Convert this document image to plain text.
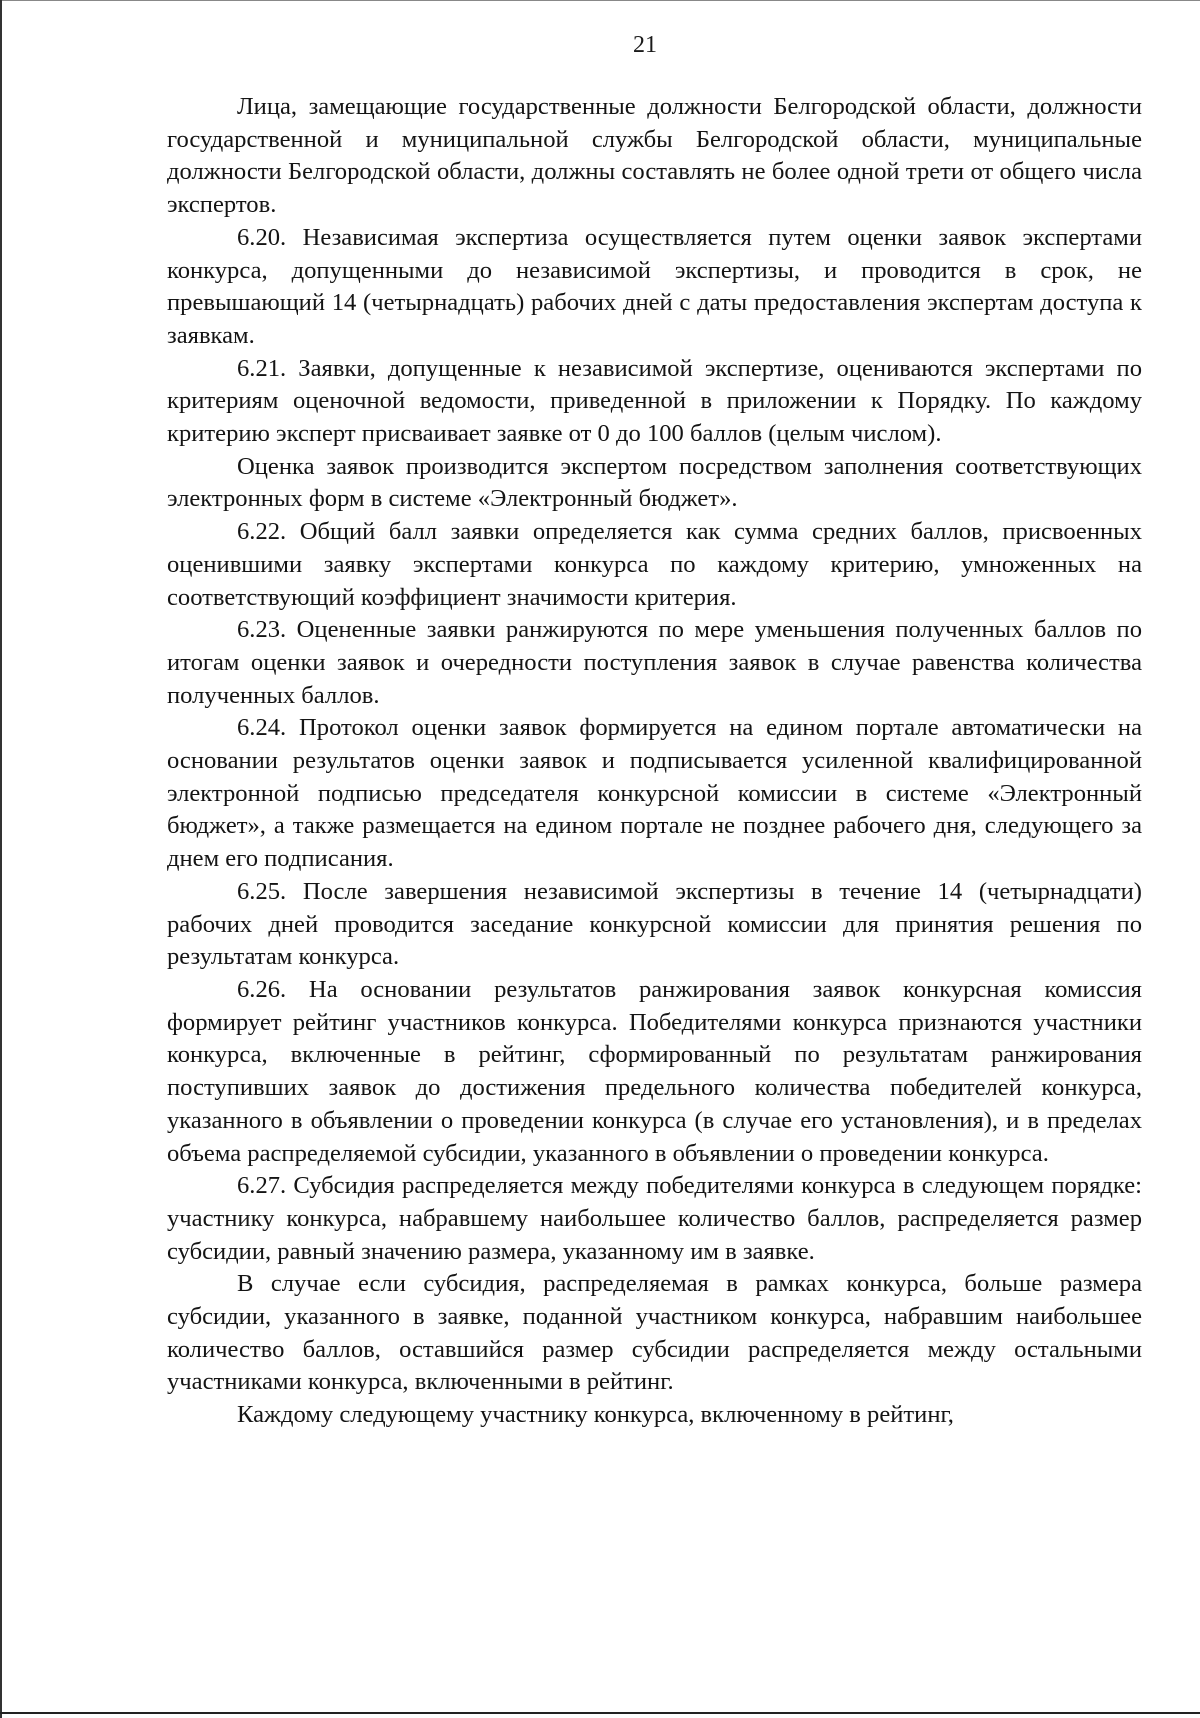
21

Лица, замещающие государственные должности Белгородской области, должности государственной и муниципальной службы Белгородской области, муниципальные должности Белгородской области, должны составлять не более одной трети от общего числа экспертов.

6.20. Независимая экспертиза осуществляется путем оценки заявок экспертами конкурса, допущенными до независимой экспертизы, и проводится в срок, не превышающий 14 (четырнадцать) рабочих дней с даты предоставления экспертам доступа к заявкам.

6.21. Заявки, допущенные к независимой экспертизе, оцениваются экспертами по критериям оценочной ведомости, приведенной в приложении к Порядку. По каждому критерию эксперт присваивает заявке от 0 до 100 баллов (целым числом).

Оценка заявок производится экспертом посредством заполнения соответствующих электронных форм в системе «Электронный бюджет».

6.22. Общий балл заявки определяется как сумма средних баллов, присвоенных оценившими заявку экспертами конкурса по каждому критерию, умноженных на соответствующий коэффициент значимости критерия.

6.23. Оцененные заявки ранжируются по мере уменьшения полученных баллов по итогам оценки заявок и очередности поступления заявок в случае равенства количества полученных баллов.

6.24. Протокол оценки заявок формируется на едином портале автоматически на основании результатов оценки заявок и подписывается усиленной квалифицированной электронной подписью председателя конкурсной комиссии в системе «Электронный бюджет», а также размещается на едином портале не позднее рабочего дня, следующего за днем его подписания.

6.25. После завершения независимой экспертизы в течение 14 (четырнадцати) рабочих дней проводится заседание конкурсной комиссии для принятия решения по результатам конкурса.

6.26. На основании результатов ранжирования заявок конкурсная комиссия формирует рейтинг участников конкурса. Победителями конкурса признаются участники конкурса, включенные в рейтинг, сформированный по результатам ранжирования поступивших заявок до достижения предельного количества победителей конкурса, указанного в объявлении о проведении конкурса (в случае его установления), и в пределах объема распределяемой субсидии, указанного в объявлении о проведении конкурса.

6.27. Субсидия распределяется между победителями конкурса в следующем порядке: участнику конкурса, набравшему наибольшее количество баллов, распределяется размер субсидии, равный значению размера, указанному им в заявке.

В случае если субсидия, распределяемая в рамках конкурса, больше размера субсидии, указанного в заявке, поданной участником конкурса, набравшим наибольшее количество баллов, оставшийся размер субсидии распределяется между остальными участниками конкурса, включенными в рейтинг.

Каждому следующему участнику конкурса, включенному в рейтинг,
